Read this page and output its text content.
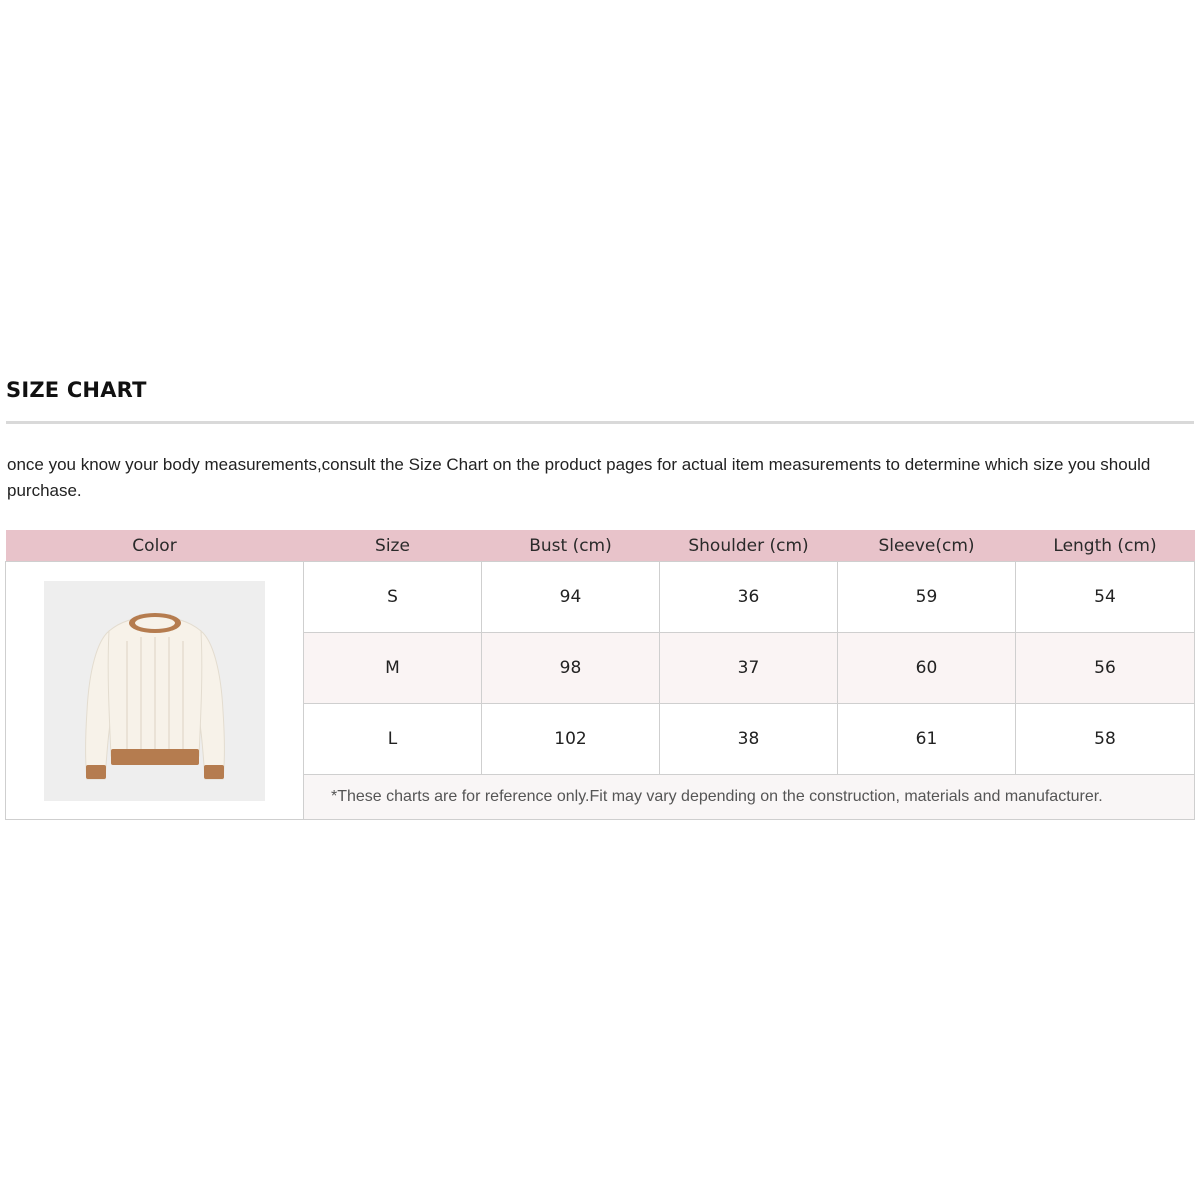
SIZE CHART

once you know your body measurements,consult the Size Chart on the product pages for actual item measurements to determine which size you should purchase.

Color	Size	Bust (cm)	Shoulder (cm)	Sleeve(cm)	Length (cm)

	S	94	36	59	54
	M	98	37	60	56
	L	102	38	61	58
	*These charts are for reference only.Fit may vary depending on the construction, materials and manufacturer.				
